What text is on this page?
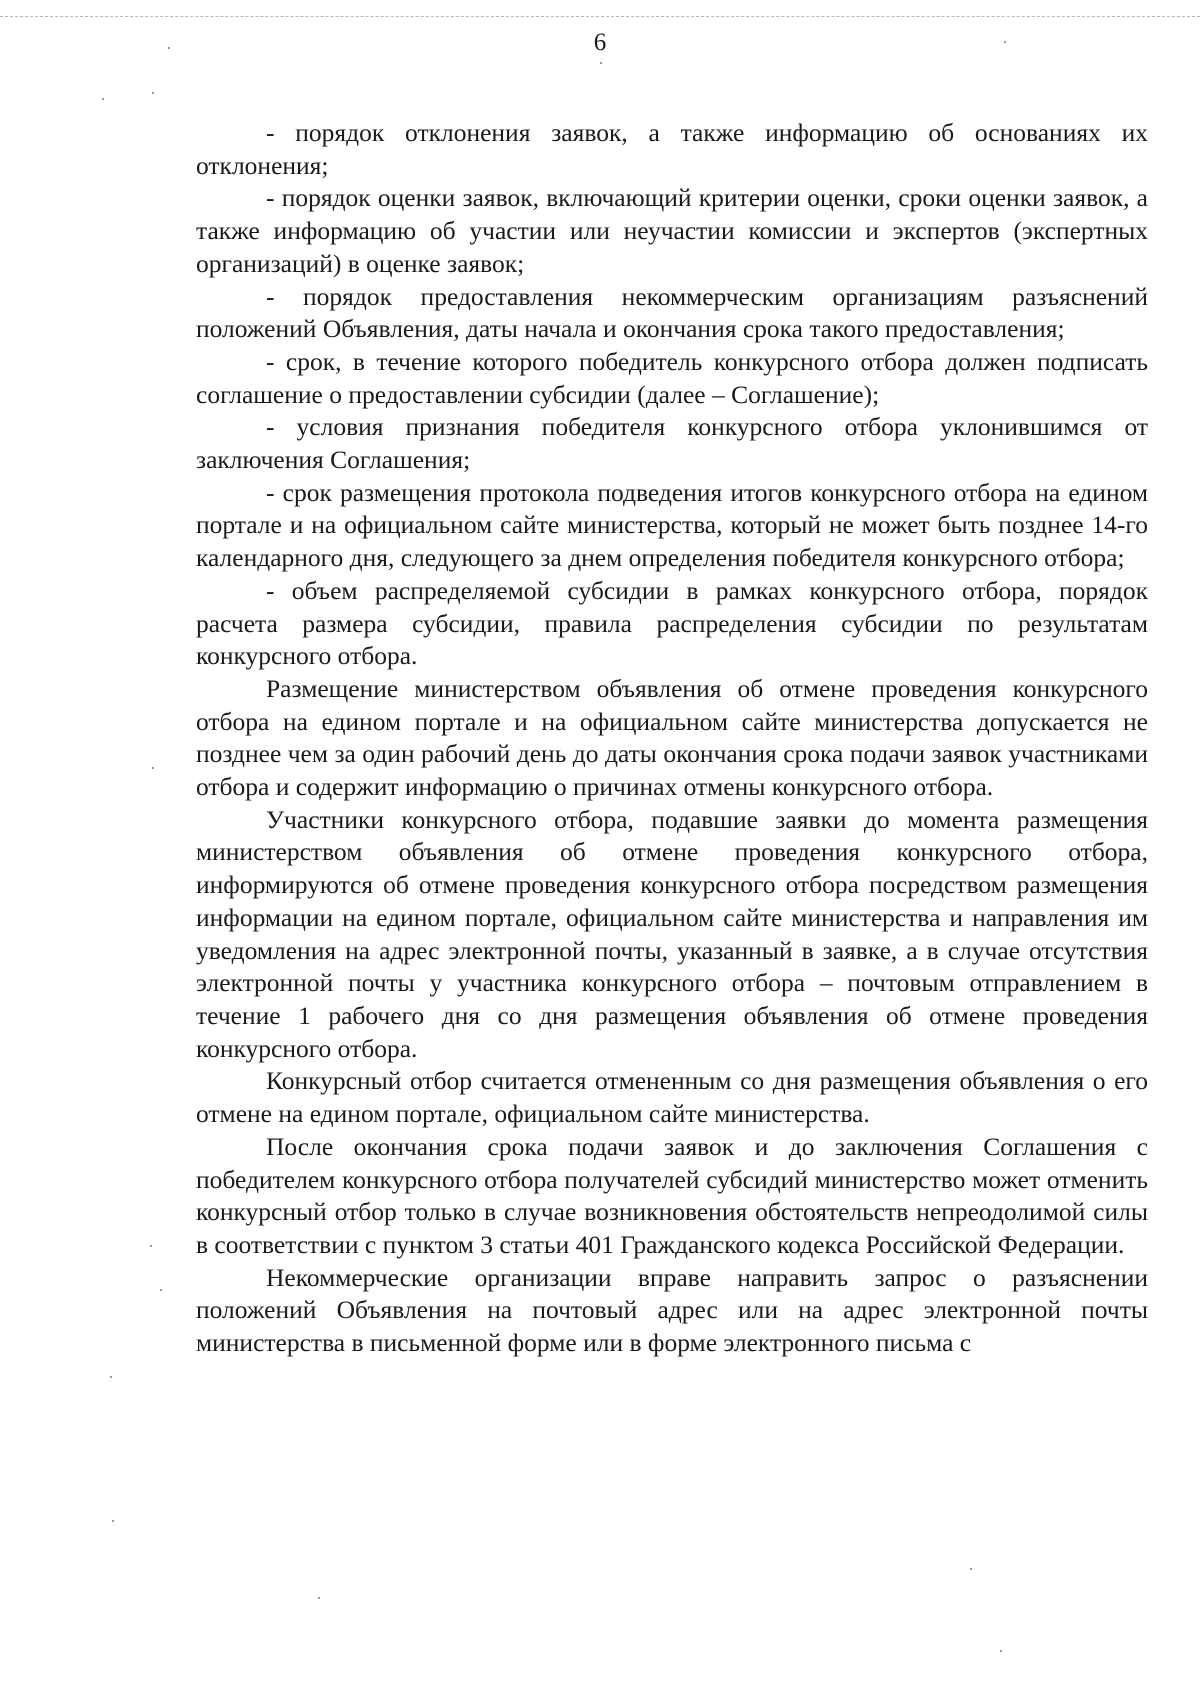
6

- порядок отклонения заявок, а также информацию об основаниях их отклонения;

- порядок оценки заявок, включающий критерии оценки, сроки оценки заявок, а также информацию об участии или неучастии комиссии и экспертов (экспертных организаций) в оценке заявок;

- порядок предоставления некоммерческим организациям разъяснений положений Объявления, даты начала и окончания срока такого предоставления;

- срок, в течение которого победитель конкурсного отбора должен подписать соглашение о предоставлении субсидии (далее – Соглашение);

- условия признания победителя конкурсного отбора уклонившимся от заключения Соглашения;

- срок размещения протокола подведения итогов конкурсного отбора на едином портале и на официальном сайте министерства, который не может быть позднее 14-го календарного дня, следующего за днем определения победителя конкурсного отбора;

- объем распределяемой субсидии в рамках конкурсного отбора, порядок расчета размера субсидии, правила распределения субсидии по результатам конкурсного отбора.

Размещение министерством объявления об отмене проведения конкурсного отбора на едином портале и на официальном сайте министерства допускается не позднее чем за один рабочий день до даты окончания срока подачи заявок участниками отбора и содержит информацию о причинах отмены конкурсного отбора.

Участники конкурсного отбора, подавшие заявки до момента размещения министерством объявления об отмене проведения конкурсного отбора, информируются об отмене проведения конкурсного отбора посредством размещения информации на едином портале, официальном сайте министерства и направления им уведомления на адрес электронной почты, указанный в заявке, а в случае отсутствия электронной почты у участника конкурсного отбора – почтовым отправлением в течение 1 рабочего дня со дня размещения объявления об отмене проведения конкурсного отбора.

Конкурсный отбор считается отмененным со дня размещения объявления о его отмене на едином портале, официальном сайте министерства.

После окончания срока подачи заявок и до заключения Соглашения с победителем конкурсного отбора получателей субсидий министерство может отменить конкурсный отбор только в случае возникновения обстоятельств непреодолимой силы в соответствии с пунктом 3 статьи 401 Гражданского кодекса Российской Федерации.

Некоммерческие организации вправе направить запрос о разъяснении положений Объявления на почтовый адрес или на адрес электронной почты министерства в письменной форме или в форме электронного письма с
